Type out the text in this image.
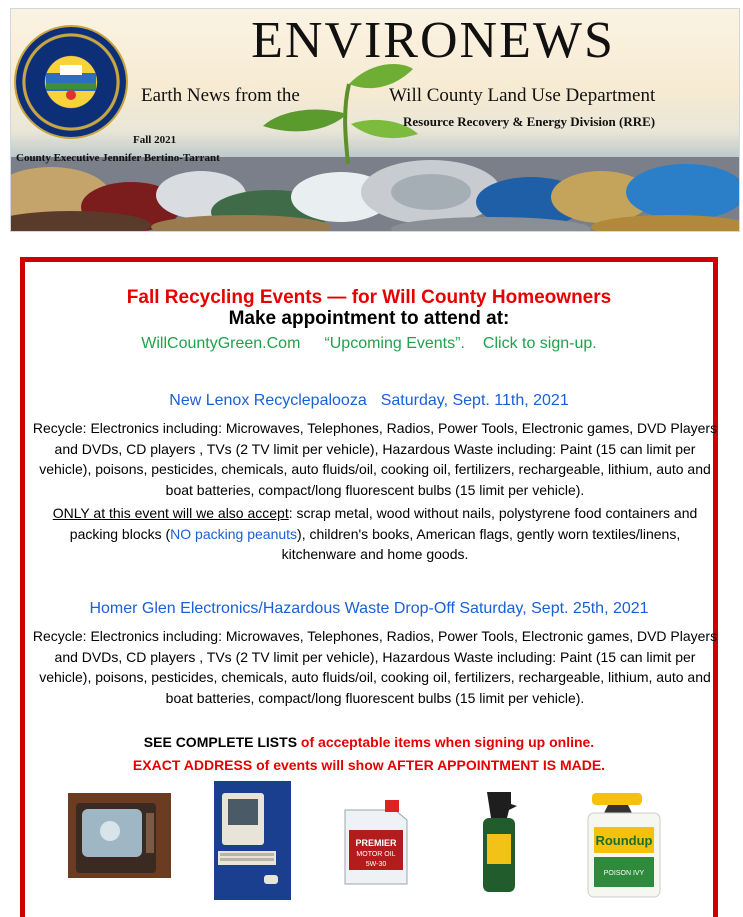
ENVIRONEWS
Earth News from the	Will County Land Use Department
Resource Recovery & Energy Division (RRE)
Fall 2021
County Executive Jennifer Bertino-Tarrant
Fall Recycling Events — for Will County Homeowners
Make appointment to attend at:
WillCountyGreen.Com “Upcoming Events”. Click to sign-up.
New Lenox Recyclepalooza Saturday, Sept. 11th, 2021
Recycle: Electronics including: Microwaves, Telephones, Radios, Power Tools, Electronic games, DVD Players and DVDs, CD players , TVs (2 TV limit per vehicle), Hazardous Waste including: Paint (15 can limit per vehicle), poisons, pesticides, chemicals, auto fluids/oil, cooking oil, fertilizers, rechargeable, lithium, auto and boat batteries, compact/long fluorescent bulbs (15 limit per vehicle).
ONLY at this event will we also accept: scrap metal, wood without nails, polystyrene food containers and packing blocks (NO packing peanuts), children's books, American flags, gently worn textiles/linens, kitchenware and home goods.
Homer Glen Electronics/Hazardous Waste Drop-Off Saturday, Sept. 25th, 2021
Recycle: Electronics including: Microwaves, Telephones, Radios, Power Tools, Electronic games, DVD Players and DVDs, CD players , TVs (2 TV limit per vehicle), Hazardous Waste including: Paint (15 can limit per vehicle), poisons, pesticides, chemicals, auto fluids/oil, cooking oil, fertilizers, rechargeable, lithium, auto and boat batteries, compact/long fluorescent bulbs (15 limit per vehicle).
SEE COMPLETE LISTS of acceptable items when signing up online.
EXACT ADDRESS of events will show AFTER APPOINTMENT IS MADE.
PREMIER
MOTOR OIL
5W-30
Roundup
POISON IVY
